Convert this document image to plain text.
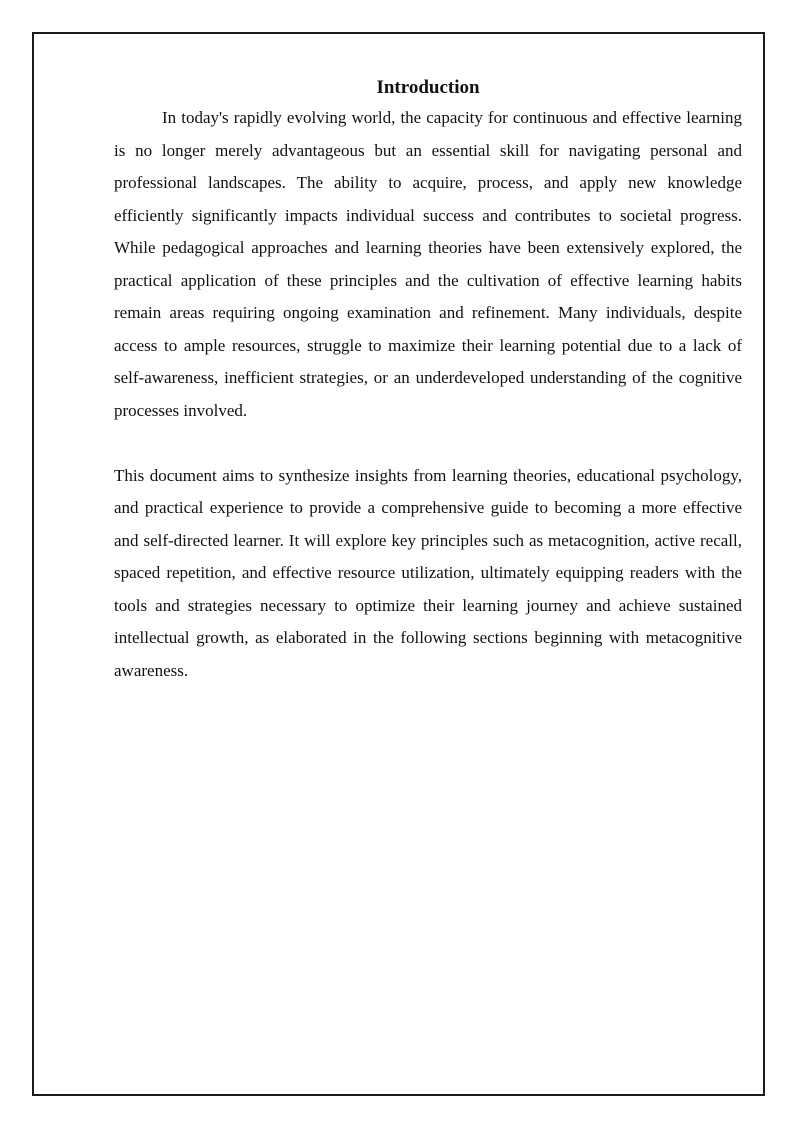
Introduction

In today's rapidly evolving world, the capacity for continuous and effective learning is no longer merely advantageous but an essential skill for navigating personal and professional landscapes. The ability to acquire, process, and apply new knowledge efficiently significantly impacts individual success and contributes to societal progress. While pedagogical approaches and learning theories have been extensively explored, the practical application of these principles and the cultivation of effective learning habits remain areas requiring ongoing examination and refinement. Many individuals, despite access to ample resources, struggle to maximize their learning potential due to a lack of self-awareness, inefficient strategies, or an underdeveloped understanding of the cognitive processes involved.

This document aims to synthesize insights from learning theories, educational psychology, and practical experience to provide a comprehensive guide to becoming a more effective and self-directed learner. It will explore key principles such as metacognition, active recall, spaced repetition, and effective resource utilization, ultimately equipping readers with the tools and strategies necessary to optimize their learning journey and achieve sustained intellectual growth, as elaborated in the following sections beginning with metacognitive awareness.
